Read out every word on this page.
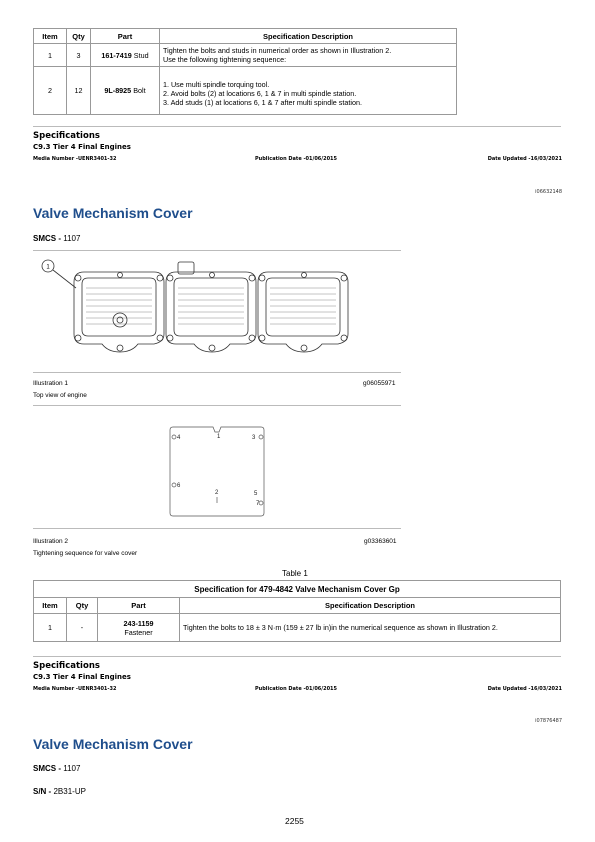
Item	Qty	Part	Specification Description
1	3	161-7419 Stud	Tighten the bolts and studs in numerical order as shown in Illustration 2.
Use the following tightening sequence:

2	12	9L-8925 Bolt	1. Use multi spindle torquing tool.
2. Avoid bolts (2) at locations 6, 1 & 7 in multi spindle station.
3. Add studs (1) at locations 6, 1 & 7 after multi spindle station.
Specifications
C9.3 Tier 4 Final Engines
Media Number -UENR3401-32	Publication Date -01/06/2015	Date Updated -16/03/2021
i06632148
Valve Mechanism Cover
SMCS - 1107
1
Illustration 1	g06055971
Top view of engine
4	1	3
6
2	5
7
Illustration 2	g03363601
Tightening sequence for valve cover
Table 1
Specification for 479-4842 Valve Mechanism Cover Gp			
Item	Qty	Part	Specification Description
1	-	243-1159
Fastener	Tighten the bolts to 18 ± 3 N·m (159 ± 27 lb in)in the numerical sequence as shown in Illustration 2.
Specifications
C9.3 Tier 4 Final Engines
Media Number -UENR3401-32	Publication Date -01/06/2015	Date Updated -16/03/2021
i07876487
Valve Mechanism Cover
SMCS - 1107
S/N - 2B31-UP
2255
